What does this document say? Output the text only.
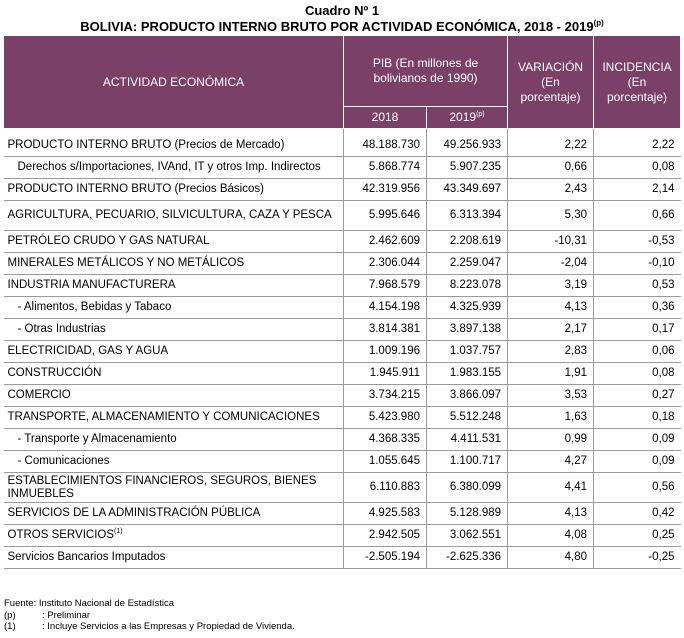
Cuadro Nº 1
BOLIVIA: PRODUCTO INTERNO BRUTO POR ACTIVIDAD ECONÓMICA, 2018 - 2019$^{(p)}$
ACTIVIDAD ECONÓMICA	PIB (En millones de bolivianos de 1990)		VARIACIÓN (En porcentaje)	INCIDENCIA (En porcentaje)
	2018	2019$^{(p)}$

PRODUCTO INTERNO BRUTO (Precios de Mercado)	48.188.730	49.256.933	2,22	2,22
Derechos s/Importaciones, IVAnd, IT y otros Imp. Indirectos	5.868.774	5.907.235	0,66	0,08
PRODUCTO INTERNO BRUTO (Precios Básicos)	42.319.956	43.349.697	2,43	2,14
AGRICULTURA, PECUARIO, SILVICULTURA, CAZA Y PESCA	5.995.646	6.313.394	5,30	0,66
PETRÓLEO CRUDO Y GAS NATURAL	2.462.609	2.208.619	-10,31	-0,53
MINERALES METÁLICOS Y NO METÁLICOS	2.306.044	2.259.047	-2,04	-0,10
INDUSTRIA MANUFACTURERA	7.968.579	8.223.078	3,19	0,53
- Alimentos, Bebidas y Tabaco	4.154.198	4.325.939	4,13	0,36
- Otras Industrias	3.814.381	3.897.138	2,17	0,17
ELECTRICIDAD, GAS Y AGUA	1.009.196	1.037.757	2,83	0,06
CONSTRUCCIÓN	1.945.911	1.983.155	1,91	0,08
COMERCIO	3.734.215	3.866.097	3,53	0,27
TRANSPORTE, ALMACENAMIENTO Y COMUNICACIONES	5.423.980	5.512.248	1,63	0,18
- Transporte y Almacenamiento	4.368.335	4.411.531	0,99	0,09
- Comunicaciones	1.055.645	1.100.717	4,27	0,09
ESTABLECIMIENTOS FINANCIEROS, SEGUROS, BIENES INMUEBLES	6.110.883	6.380.099	4,41	0,56
SERVICIOS DE LA ADMINISTRACIÓN PÚBLICA	4.925.583	5.128.989	4,13	0,42
OTROS SERVICIOS$^{(1)}$	2.942.505	3.062.551	4,08	0,25
Servicios Bancarios Imputados	-2.505.194	-2.625.336	4,80	-0,25
Fuente: Instituto Nacional de Estadística
(p)	: Preliminar
(1)	: Incluye Servicios a las Empresas y Propiedad de Vivienda.
